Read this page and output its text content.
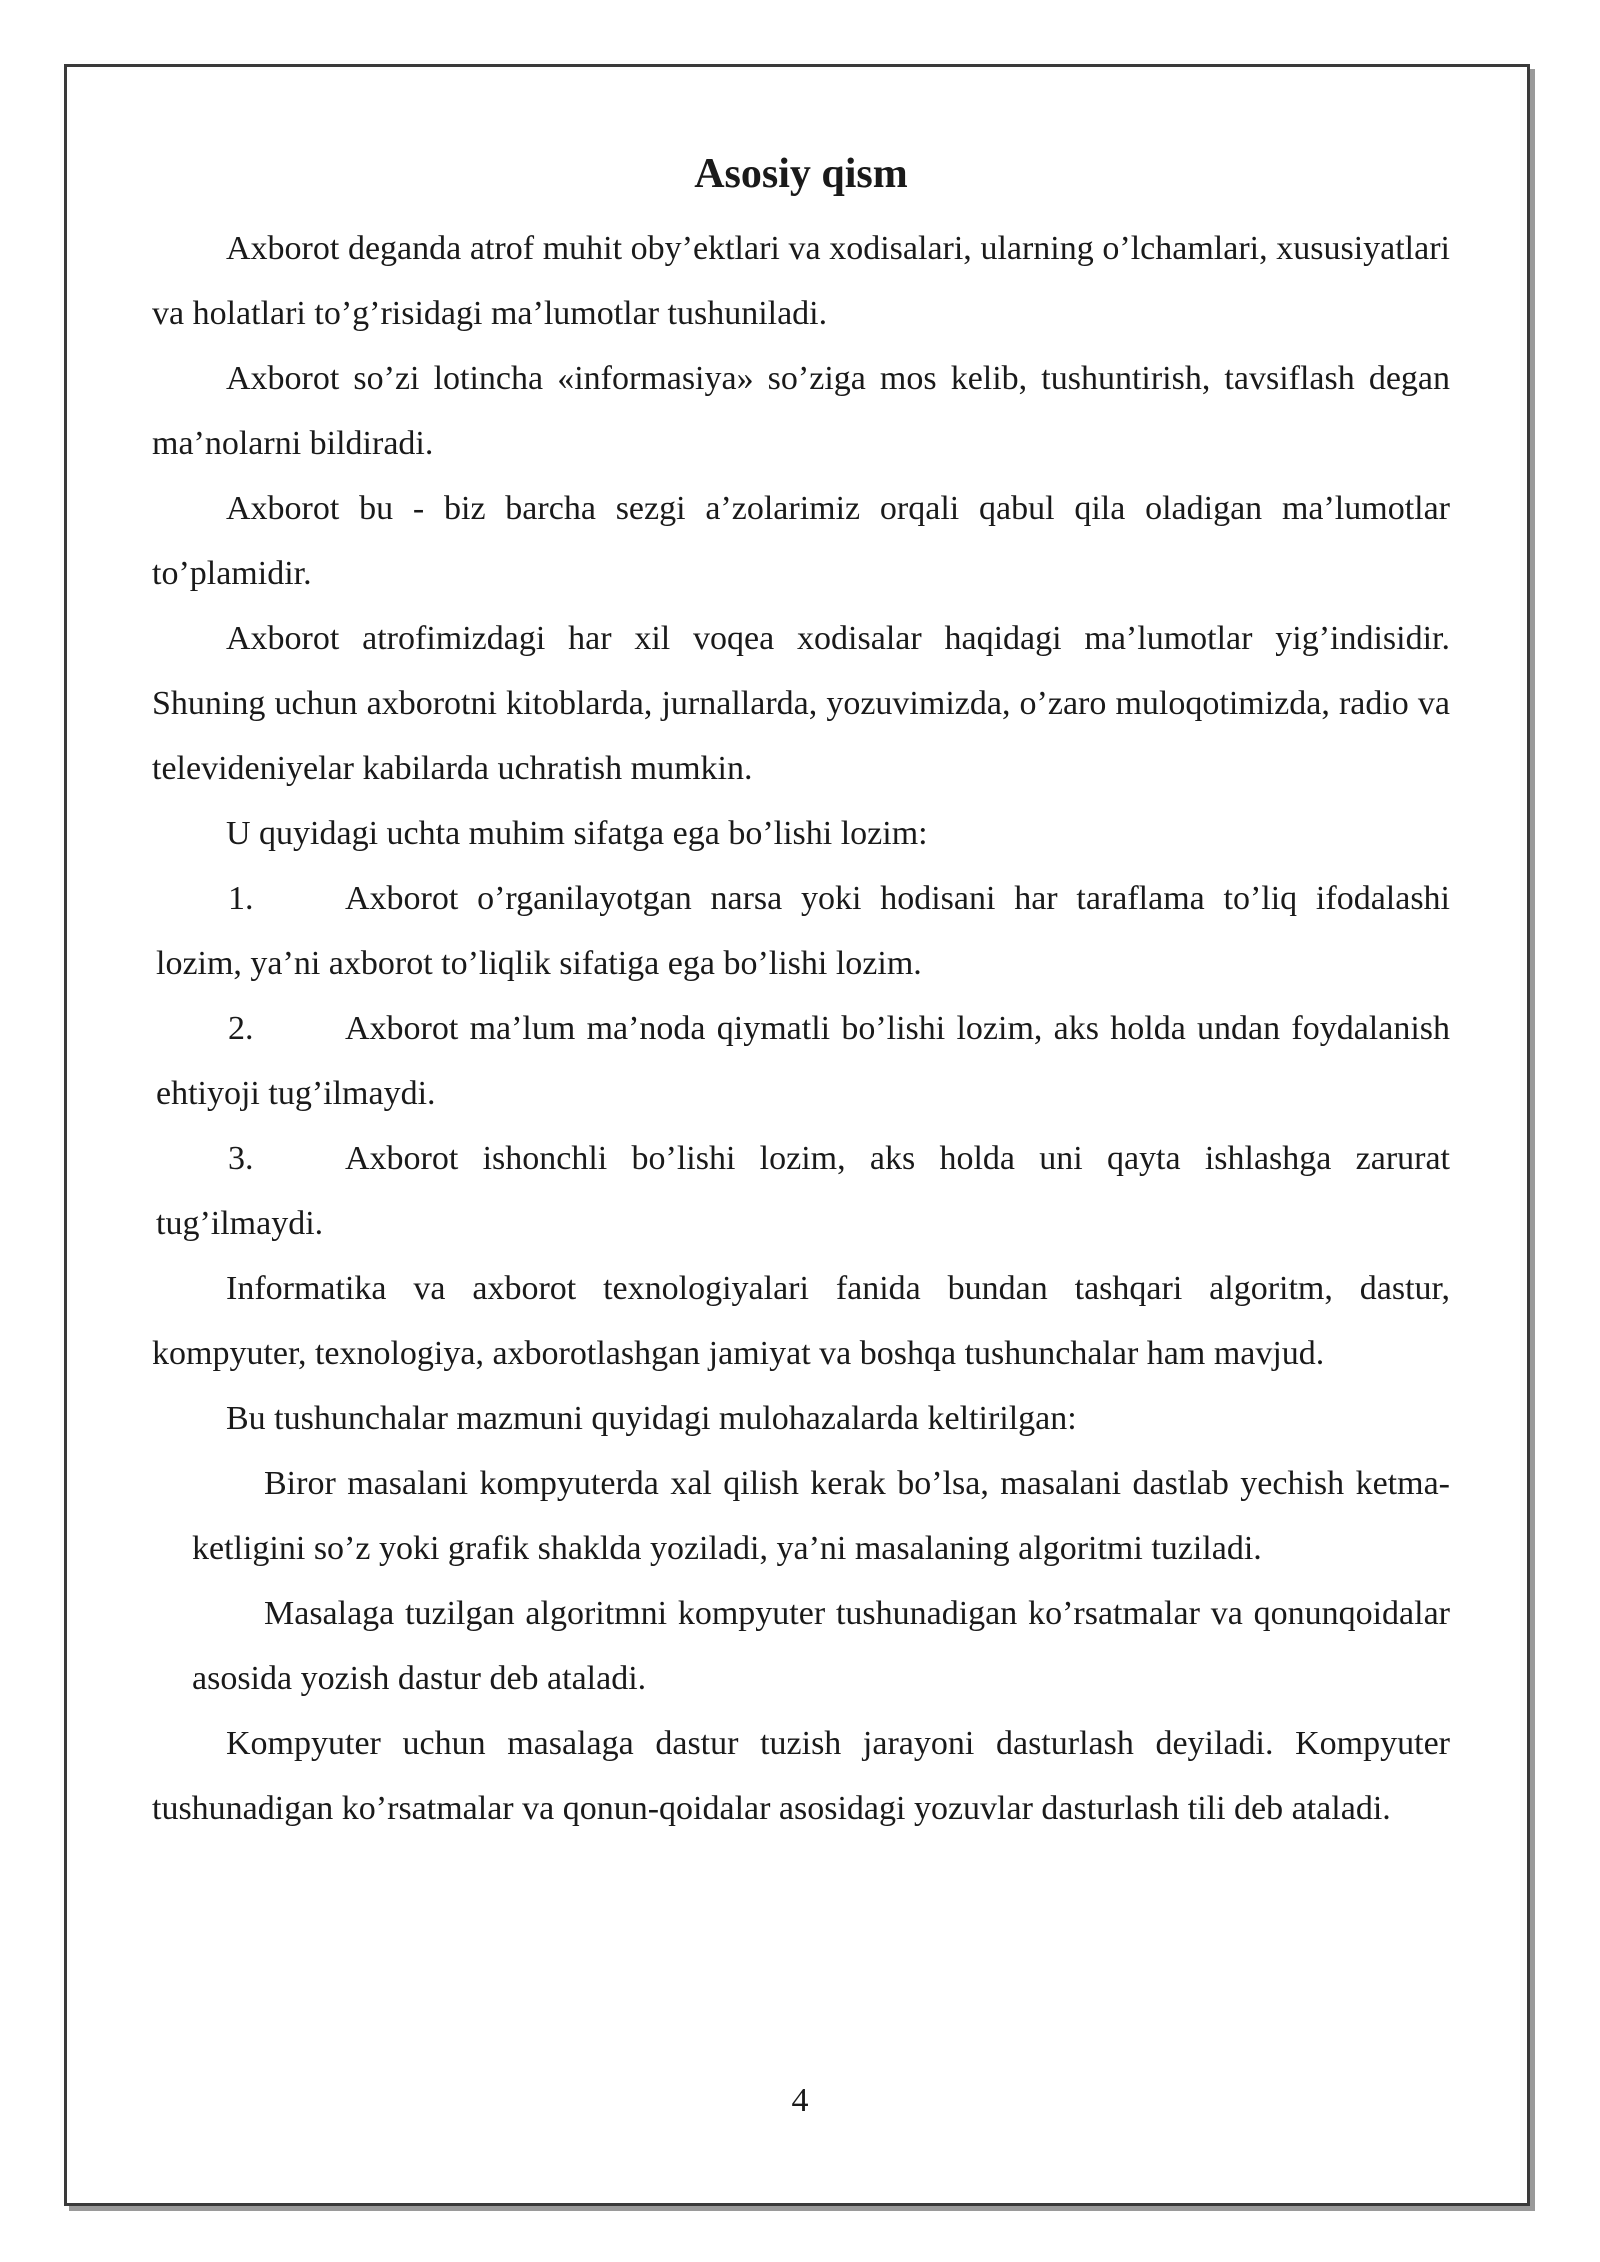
Asosiy qism

Axborot deganda atrof muhit oby’ektlari va xodisalari, ularning o’lchamlari, xususiyatlari va holatlari to’g’risidagi ma’lumotlar tushuniladi.

Axborot so’zi lotincha «informasiya» so’ziga mos kelib, tushuntirish, tavsiflash degan ma’nolarni bildiradi.

Axborot bu - biz barcha sezgi a’zolarimiz orqali qabul qila oladigan ma’lumotlar to’plamidir.

Axborot atrofimizdagi har xil voqea xodisalar haqidagi ma’lumotlar yig’indisidir. Shuning uchun axborotni kitoblarda, jurnallarda, yozuvimizda, o’zaro muloqotimizda, radio va televideniyelar kabilarda uchratish mumkin.

U quyidagi uchta muhim sifatga ega bo’lishi lozim:

1.	Axborot o’rganilayotgan narsa yoki hodisani har taraflama to’liq ifodalashi lozim, ya’ni axborot to’liqlik sifatiga ega bo’lishi lozim.

2.	Axborot ma’lum ma’noda qiymatli bo’lishi lozim, aks holda undan foydalanish ehtiyoji tug’ilmaydi.

3.	Axborot ishonchli bo’lishi lozim, aks holda uni qayta ishlashga zarurat tug’ilmaydi.

Informatika va axborot texnologiyalari fanida bundan tashqari algoritm, dastur, kompyuter, texnologiya, axborotlashgan jamiyat va boshqa tushunchalar ham mavjud.

Bu tushunchalar mazmuni quyidagi mulohazalarda keltirilgan:

Biror masalani kompyuterda xal qilish kerak bo’lsa, masalani dastlab yechish ketma-ketligini so’z yoki grafik shaklda yoziladi, ya’ni masalaning algoritmi tuziladi.

Masalaga tuzilgan algoritmni kompyuter tushunadigan ko’rsatmalar va qonunqoidalar asosida yozish dastur deb ataladi.

Kompyuter uchun masalaga dastur tuzish jarayoni dasturlash deyiladi. Kompyuter tushunadigan ko’rsatmalar va qonun-qoidalar asosidagi yozuvlar dasturlash tili deb ataladi.

4
